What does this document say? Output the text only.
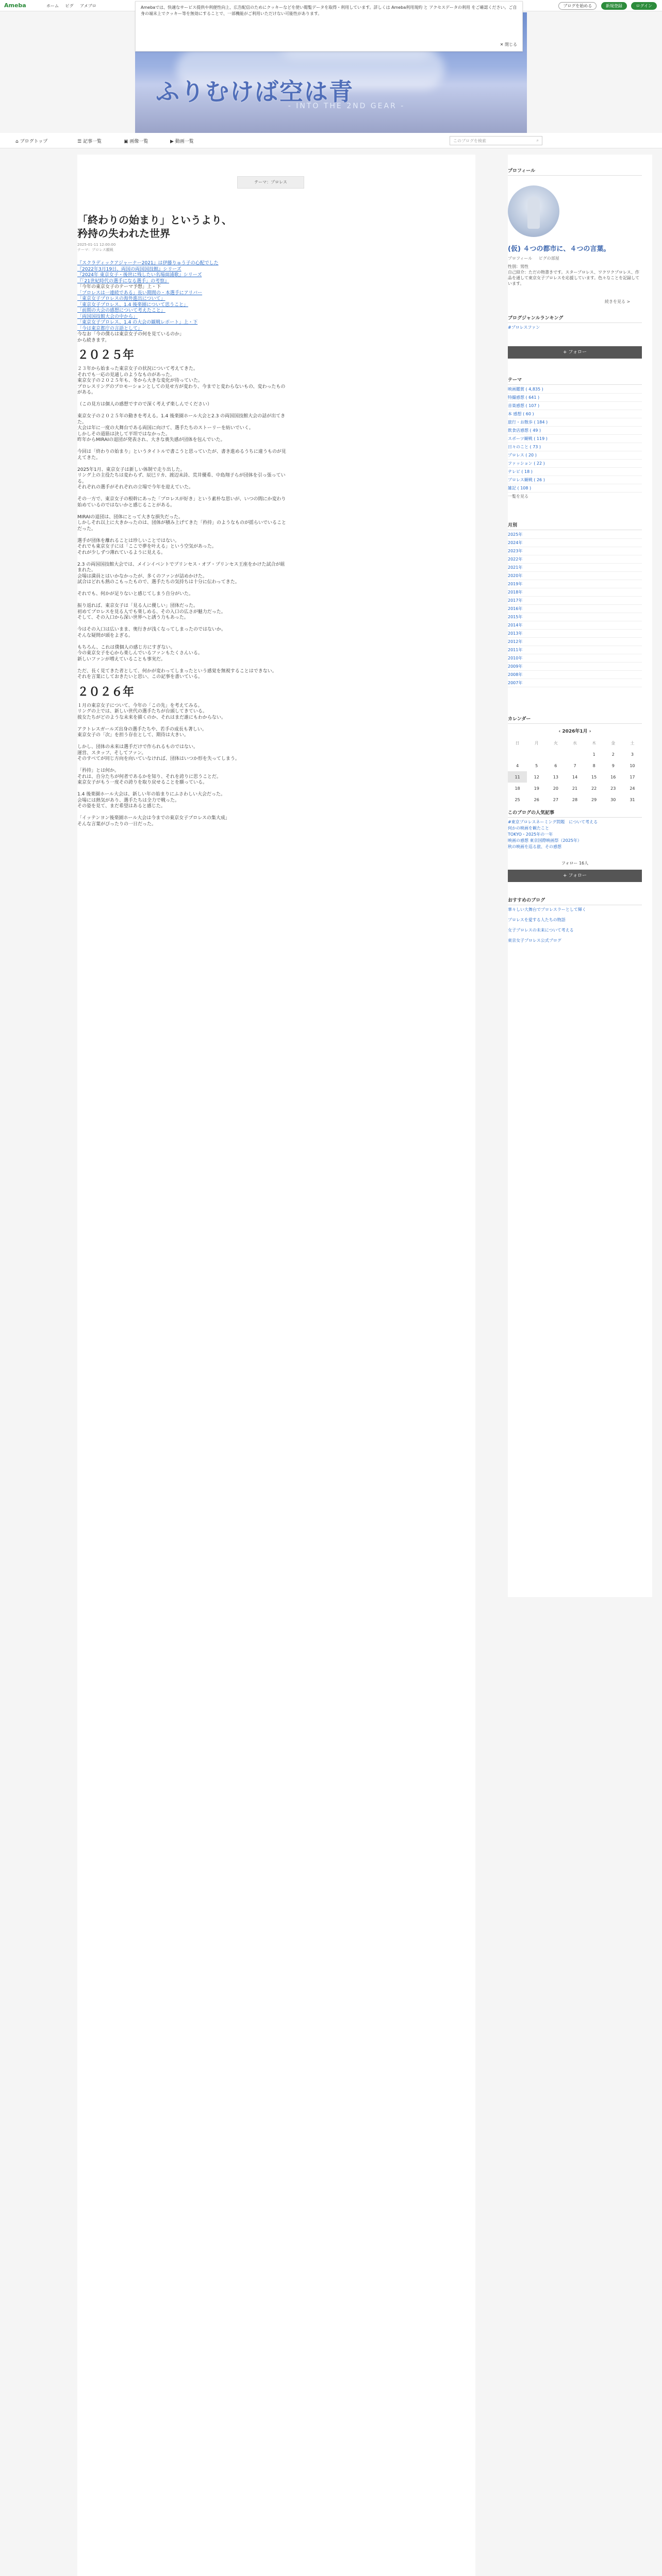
Ameba	ホーム ピグ アメブロ	Amebaでは、快適なサービス提供や利便性向上、広告配信のためにクッキーなどを使い閲覧データを取得・利用しています。詳しくは Ameba利用規約 と アクセスデータの利用 をご確認ください。ご自身の端末上でクッキー等を無効にすることで、一部機能がご利用いただけない可能性があります。
✕ 閉じる
ブログを始める	新規登録	ログイン
ふりむけば空は青
- INTO THE 2ND GEAR -
⌂ ブログトップ	☰ 記事一覧	▣ 画像一覧	▶ 動画一覧	このブログを検索	⌕
テーマ：プロレス
「終わりの始まり」というより、矜持の失われた世界
2025-01-11 12:00:00
テーマ：プロレス観戦

『スクラディックアジャーナー2021』は伊藤りゅう子の心配でした

『2022年3月19日、両国の両国国技館』シリーズ

『2024年 東京女子・後世に残したい名場面浦歌』シリーズ

『「21世紀時代の選手になる選手」の考察』

「今年の東京女子のテーマ予想」上・下

「プロレスは一連続である」長い期間の・本選手にアリバー

「東京女子プロレスの海外進出について」

「東京女子プロレス、1.4 後楽園について思うこと」

「前期の大会の感想について考えたこと」

「両国国技館大会の中から」

「東京女子プロレス、1.4 の大会の観戦レポート」上・下

「今は東京都庁の言語として」

今なお「今の僕らは東京女子の何を見ているのか」
から続きます。

２０２５年

２３年から始まった東京女子の状況について考えてきた。
それでも一応の見通しのようなものがあった。
東京女子の２０２５年も、冬から大きな変化が待っていた。
プロレスリングのプロモーションとしての見せ方が変わり、今までと変わらないもの、変わったものがある。

（この見方は個人の感想ですので深く考えず楽しんでください）

東京女子の２０２５年の動きを考える。1.4 後楽園ホール大会と2.3 の両国国技館大会の話が出てきた。
大会は年に一度の大舞台である両国に向けて、選手たちのストーリーを紡いでいく。
しかしその道筋は決して平坦ではなかった。
昨年からMIRAIの退団が発表され、大きな喪失感が団体を包んでいた。

今回は「終わりの始まり」というタイトルで書こうと思っていたが、書き進めるうちに違うものが見えてきた。

2025年1月、東京女子は新しい体制で走り出した。
リング上の主役たちは変わらず、辰巳リカ、渡辺未詩、荒井優希、中島翔子らが団体を引っ張っている。
それぞれの選手がそれぞれの立場で今年を迎えていた。

その一方で、東京女子の根幹にあった「プロレスが好き」という素朴な思いが、いつの間にか変わり始めているのではないかと感じることがある。

MIRAIの退団は、団体にとって大きな損失だった。
しかしそれ以上に大きかったのは、団体が積み上げてきた「矜持」のようなものが揺らいでいることだった。

選手が団体を離れることは珍しいことではない。
それでも東京女子には「ここで夢を叶える」という空気があった。
それが少しずつ薄れているように見える。

2.3 の両国国技館大会では、メインイベントでプリンセス・オブ・プリンセス王座をかけた試合が組まれた。
会場は満員とはいかなかったが、多くのファンが詰めかけた。
試合はどれも熱のこもったもので、選手たちの気持ちは十分に伝わってきた。

それでも、何かが足りないと感じてしまう自分がいた。

振り返れば、東京女子は「見る人に優しい」団体だった。
初めてプロレスを見る人でも楽しめる、その入口の広さが魅力だった。
そして、その入口から深い世界へと誘う力もあった。

今はその入口は広いまま、奥行きが浅くなってしまったのではないか。
そんな疑問が頭をよぎる。

もちろん、これは僕個人の感じ方にすぎない。
今の東京女子を心から楽しんでいるファンもたくさんいる。
新しいファンが増えていることも事実だ。

ただ、長く見てきた者として、何かが変わってしまったという感覚を無視することはできない。
それを言葉にしておきたいと思い、この記事を書いている。

２０２６年

１月の東京女子について、今年の「この先」を考えてみる。
リングの上では、新しい世代の選手たちが台頭してきている。
彼女たちがどのような未来を描くのか、それはまだ誰にもわからない。

アクトレスガールズ出身の選手たちや、若手の成長も著しい。
東京女子の「次」を担う存在として、期待は大きい。

しかし、団体の未来は選手だけで作られるものではない。
運営、スタッフ、そしてファン。
そのすべてが同じ方向を向いていなければ、団体はいつか形を失ってしまう。

「矜持」とは何か。
それは、自分たちが何者であるかを知り、それを誇りに思うことだ。
東京女子がもう一度その誇りを取り戻せることを願っている。

1.4 後楽園ホール大会は、新しい年の始まりにふさわしい大会だった。
会場には熱気があり、選手たちは全力で戦った。
その姿を見て、まだ希望はあると感じた。

「イッテンヨン後楽園ホール大会は今までの東京女子プロレスの集大成」
そんな言葉がぴったりの一日だった。

プロフィール
(仮) ４つの都市に、４つの言葉。
プロフィール ピグの部屋
性別：男性
自己紹介：ただの物書きです。スタープロレス、ワクワクプロレス、作品を通して東京女子プロレスを応援しています。色々なことを記録しています。
続きを見る >
ブログジャンルランキング
#プロレスファン
+ フォロー
テーマ
映画鑑賞 ( 4,835 )
特撮感想 ( 641 )
音楽感想 ( 107 )
本 感想 ( 60 )
旅行・お散歩 ( 184 )
飲食店感想 ( 49 )
スポーツ観戦 ( 119 )
日々のこと ( 73 )
プロレス ( 20 )
ファッション ( 22 )
テレビ ( 18 )
プロレス観戦 ( 26 )
雑記 ( 108 )
一覧を見る
月別
2025年
2024年
2023年
2022年
2021年
2020年
2019年
2018年
2017年
2016年
2015年
2014年
2013年
2012年
2011年
2010年
2009年
2008年
2007年
カレンダー
‹ 2026年1月 ›
日	月	火	水	木	金	土
				1	2	3
4	5	6	7	8	9	10
11	12	13	14	15	16	17
18	19	20	21	22	23	24
25	26	27	28	29	30	31
このブログの人気記事
#東京プロレスネーミング問題　について考える
何かの映画を観たこと
TOKYO・2025年の一年
映画の感想 東京国際映画祭（2025年）
秋の映画を巡る旅、その感想
フォロー 16人
+ フォロー
おすすめのブログ
華々しい大舞台でプロレスラーとして輝く
プロレスを愛する人たちの物語
女子プロレスの未来について考える
東京女子プロレス公式ブログ
